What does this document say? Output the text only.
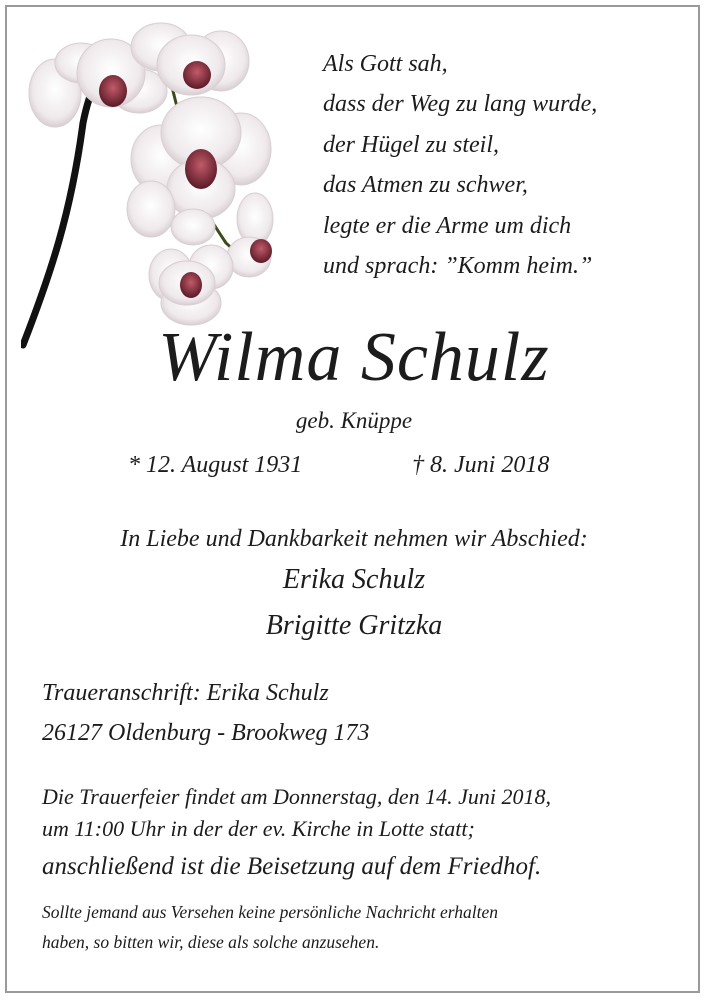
Als Gott sah,
dass der Weg zu lang wurde,
der Hügel zu steil,
das Atmen zu schwer,
legte er die Arme um dich
und sprach: ”Komm heim.”
Wilma Schulz
geb. Knüppe
* 12. August 1931	† 8. Juni 2018
In Liebe und Dankbarkeit nehmen wir Abschied:
Erika Schulz
Brigitte Gritzka
Traueranschrift: Erika Schulz
26127 Oldenburg - Brookweg 173
Die Trauerfeier findet am Donnerstag, den 14. Juni 2018,
um 11:00 Uhr in der der ev. Kirche in Lotte statt;
anschließend ist die Beisetzung auf dem Friedhof.
Sollte jemand aus Versehen keine persönliche Nachricht erhalten
haben, so bitten wir, diese als solche anzusehen.
